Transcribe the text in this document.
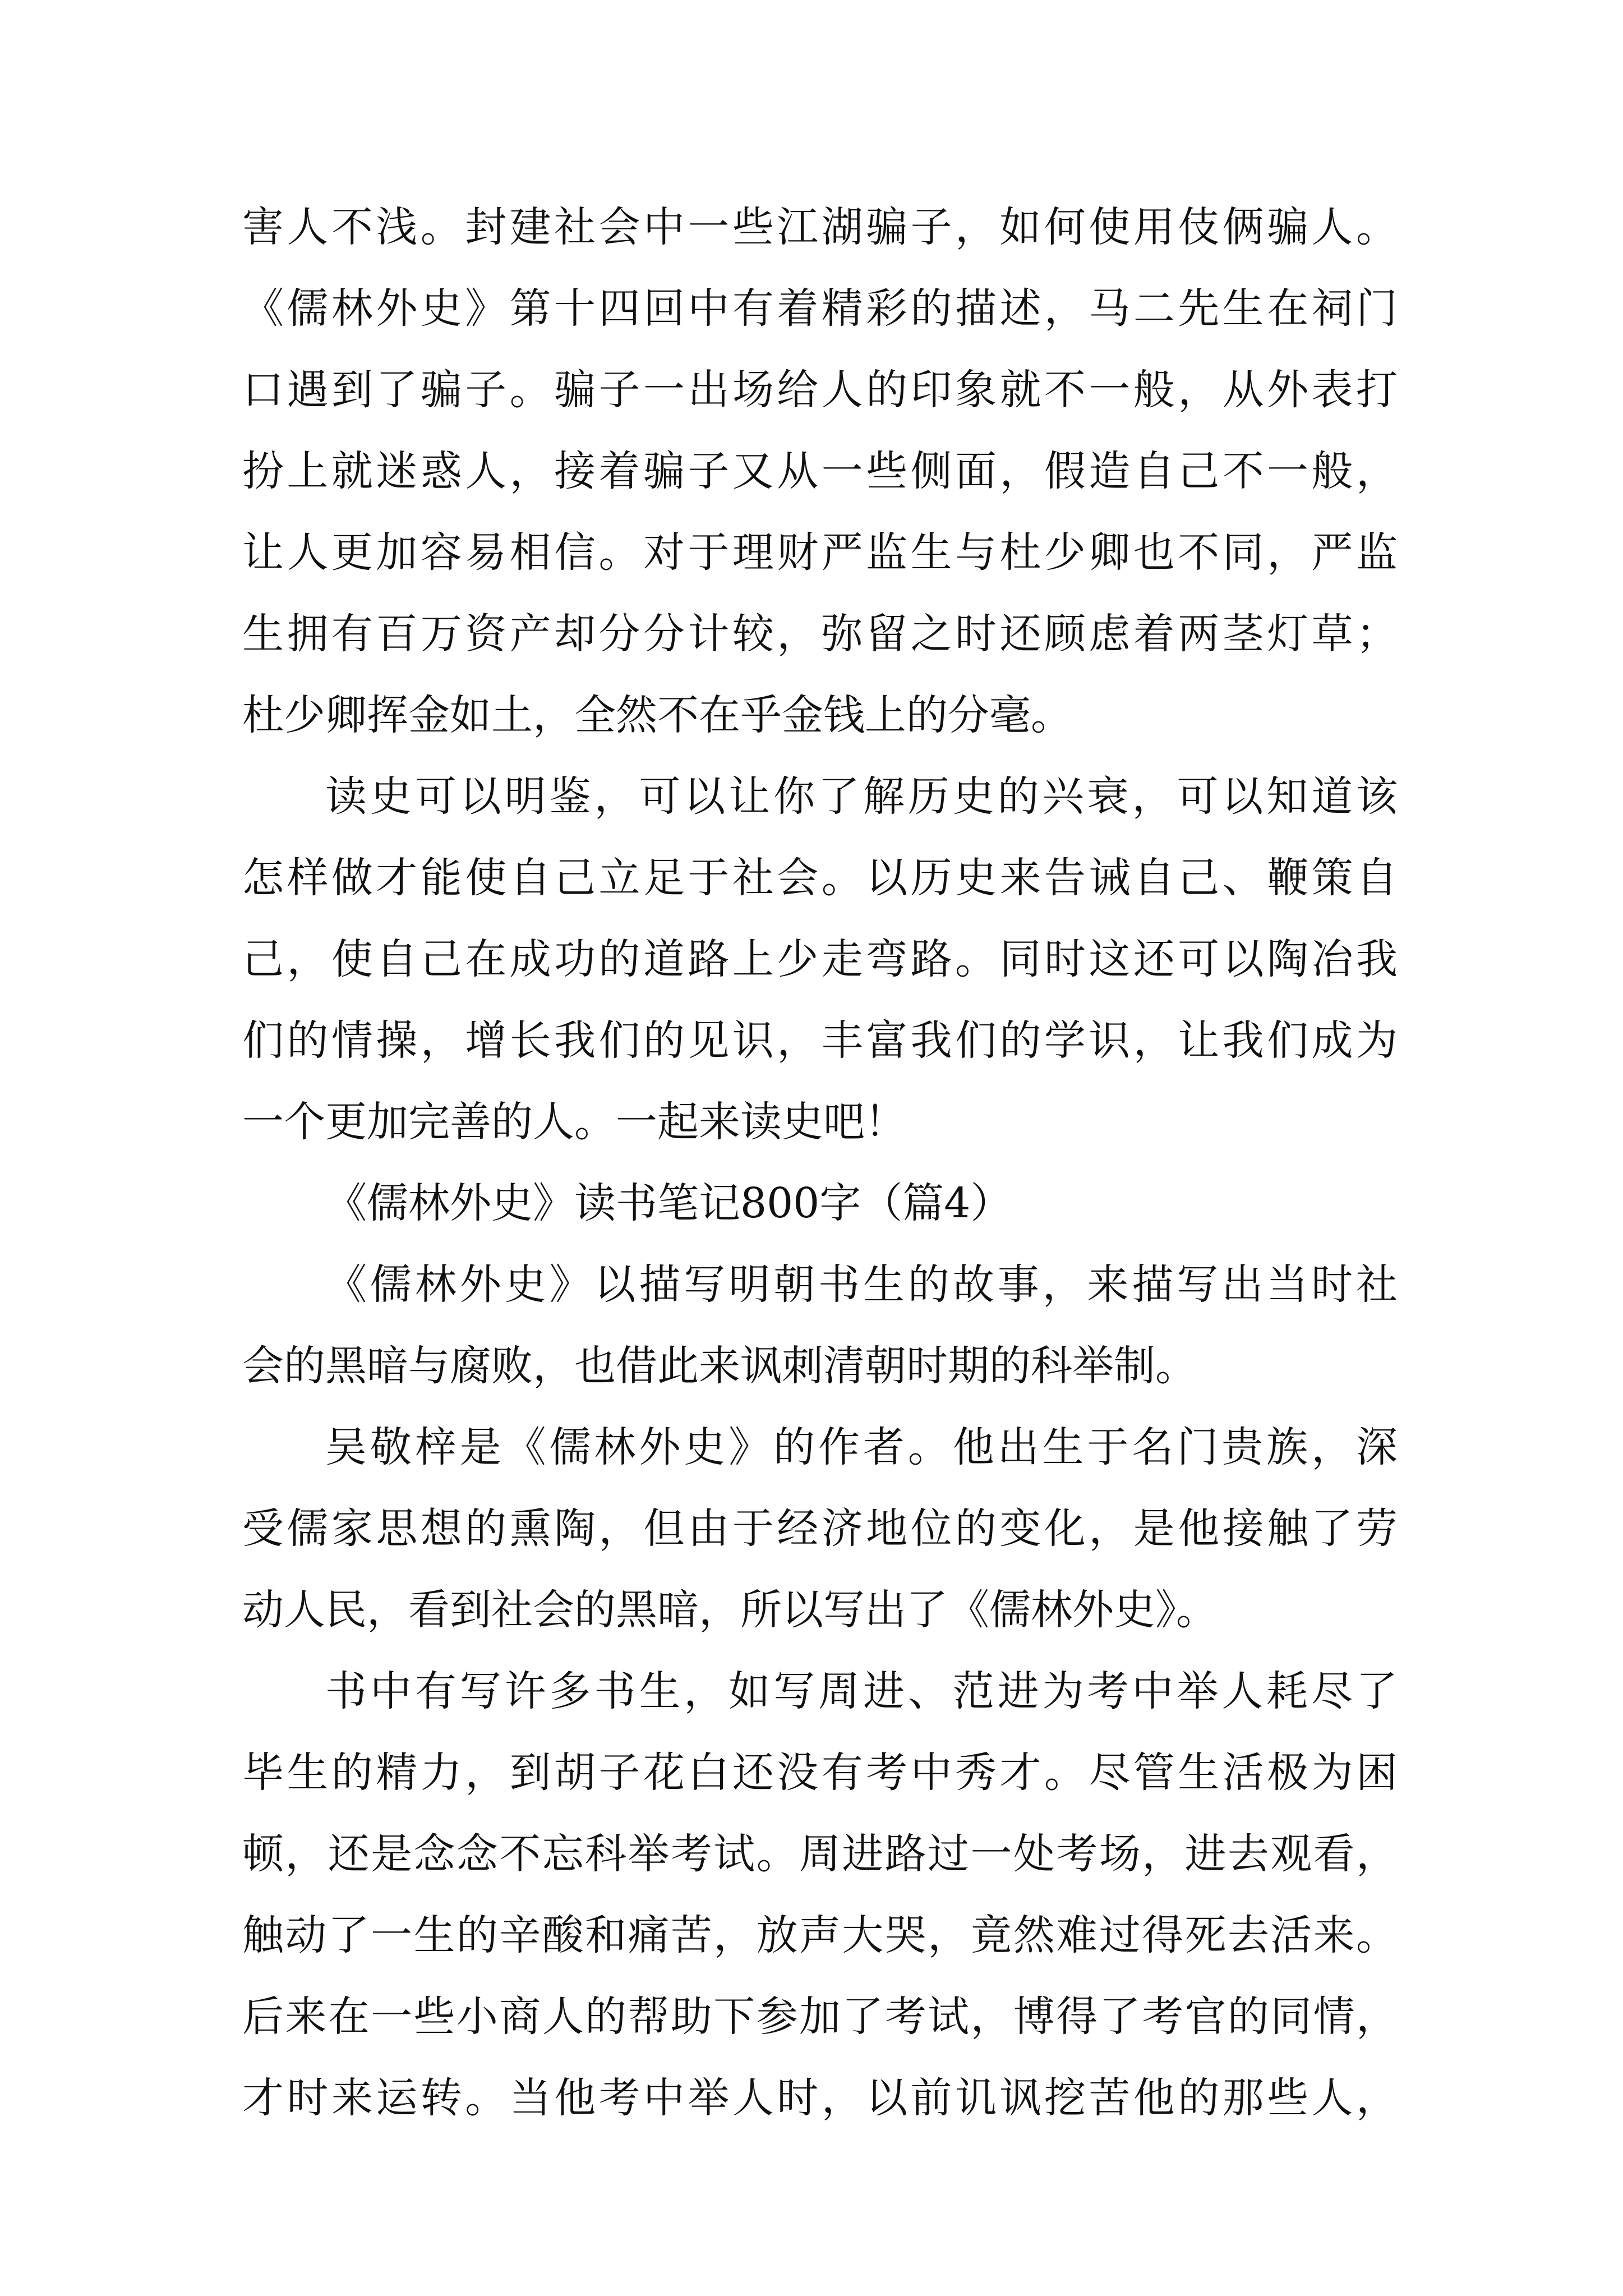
害人不浅。封建社会中一些江湖骗子，如何使用伎俩骗人。
《儒林外史》第十四回中有着精彩的描述，马二先生在祠门
口遇到了骗子。骗子一出场给人的印象就不一般，从外表打
扮上就迷惑人，接着骗子又从一些侧面，假造自己不一般，
让人更加容易相信。对于理财严监生与杜少卿也不同，严监
生拥有百万资产却分分计较，弥留之时还顾虑着两茎灯草；
杜少卿挥金如土，全然不在乎金钱上的分毫。
读史可以明鉴，可以让你了解历史的兴衰，可以知道该
怎样做才能使自己立足于社会。以历史来告诫自己、鞭策自
己，使自己在成功的道路上少走弯路。同时这还可以陶冶我
们的情操，增长我们的见识，丰富我们的学识，让我们成为
一个更加完善的人。一起来读史吧！
《儒林外史》读书笔记800字（篇4）
《儒林外史》以描写明朝书生的故事，来描写出当时社
会的黑暗与腐败，也借此来讽刺清朝时期的科举制。
吴敬梓是《儒林外史》的作者。他出生于名门贵族，深
受儒家思想的熏陶，但由于经济地位的变化，是他接触了劳
动人民，看到社会的黑暗，所以写出了《儒林外史》。
书中有写许多书生，如写周进、范进为考中举人耗尽了
毕生的精力，到胡子花白还没有考中秀才。尽管生活极为困
顿，还是念念不忘科举考试。周进路过一处考场，进去观看，
触动了一生的辛酸和痛苦，放声大哭，竟然难过得死去活来。
后来在一些小商人的帮助下参加了考试，博得了考官的同情，
才时来运转。当他考中举人时，以前讥讽挖苦他的那些人，
